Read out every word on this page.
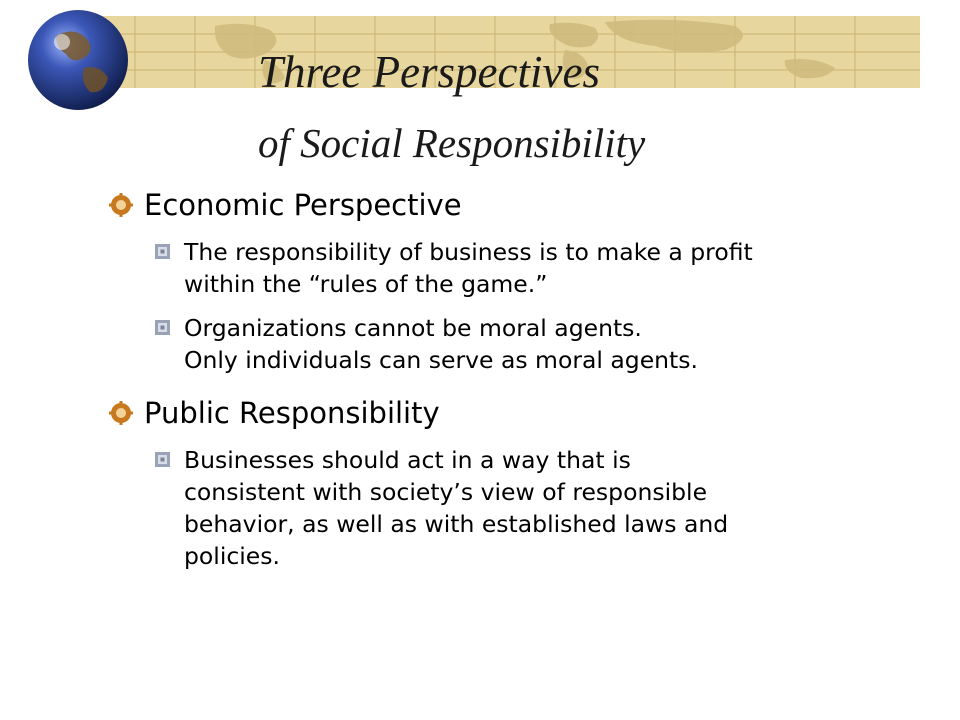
Three Perspectives
of Social Responsibility
Economic Perspective
The responsibility of business is to make a profit
within the “rules of the game.”
Organizations cannot be moral agents.
Only individuals can serve as moral agents.
Public Responsibility
Businesses should act in a way that is
consistent with society’s view of responsible
behavior, as well as with established laws and
policies.
